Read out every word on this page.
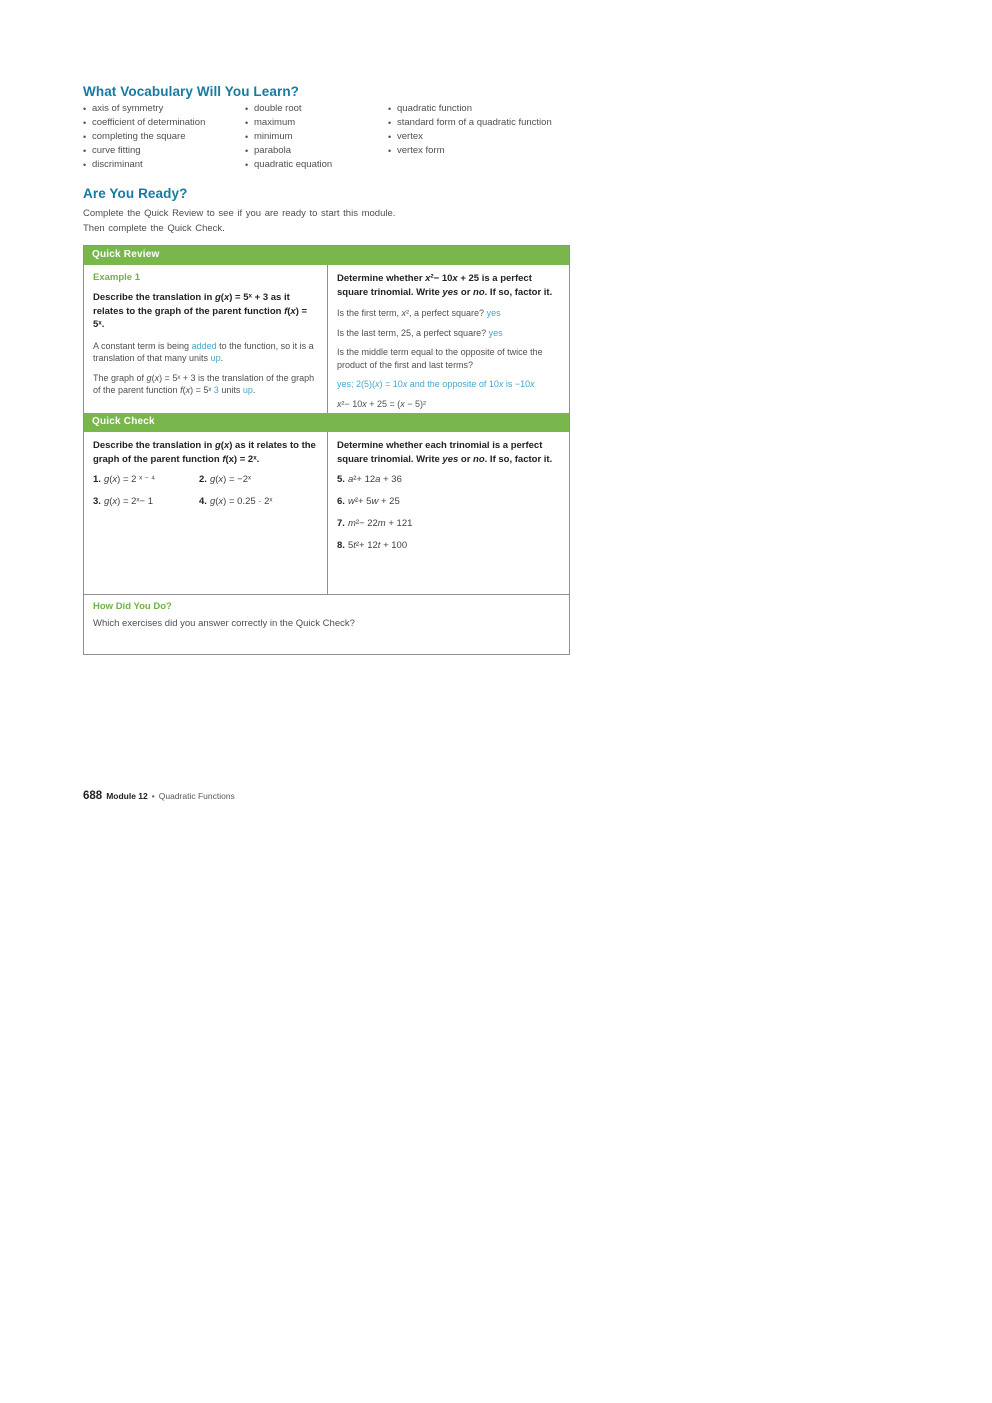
What Vocabulary Will You Learn?
• axis of symmetry
• coefficient of determination
• completing the square
• curve fitting
• discriminant
• double root
• maximum
• minimum
• parabola
• quadratic equation
• quadratic function
• standard form of a quadratic function
• vertex
• vertex form
Are You Ready?
Complete the Quick Review to see if you are ready to start this module.
Then complete the Quick Check.
Quick Review
Example 1
Describe the translation in g(x) = 5ˣ + 3 as it relates to the graph of the parent function f(x) = 5ˣ.

A constant term is being added to the function, so it is a translation of that many units up.

The graph of g(x) = 5ˣ + 3 is the translation of the graph of the parent function f(x) = 5ˣ 3 units up.

Determine whether x²− 10x + 25 is a perfect square trinomial. Write yes or no. If so, factor it.

Is the first term, x², a perfect square? yes

Is the last term, 25, a perfect square? yes

Is the middle term equal to the opposite of twice the product of the first and last terms?

yes; 2(5)(x) = 10x and the opposite of 10x is −10x

x²− 10x + 25 = (x − 5)²

Quick Check
Describe the translation in g(x) as it relates to the graph of the parent function f(x) = 2ˣ.
1. g(x) = 2 ˣ ⁻ ⁴	2. g(x) = −2ˣ
3. g(x) = 2ˣ− 1	4. g(x) = 0.25 · 2ˣ
Determine whether each trinomial is a perfect square trinomial. Write yes or no. If so, factor it.
5. a²+ 12a + 36
6. w²+ 5w + 25
7. m²− 22m + 121
8. 5t²+ 12t + 100
How Did You Do?
Which exercises did you answer correctly in the Quick Check?
688 Module 12 • Quadratic Functions
